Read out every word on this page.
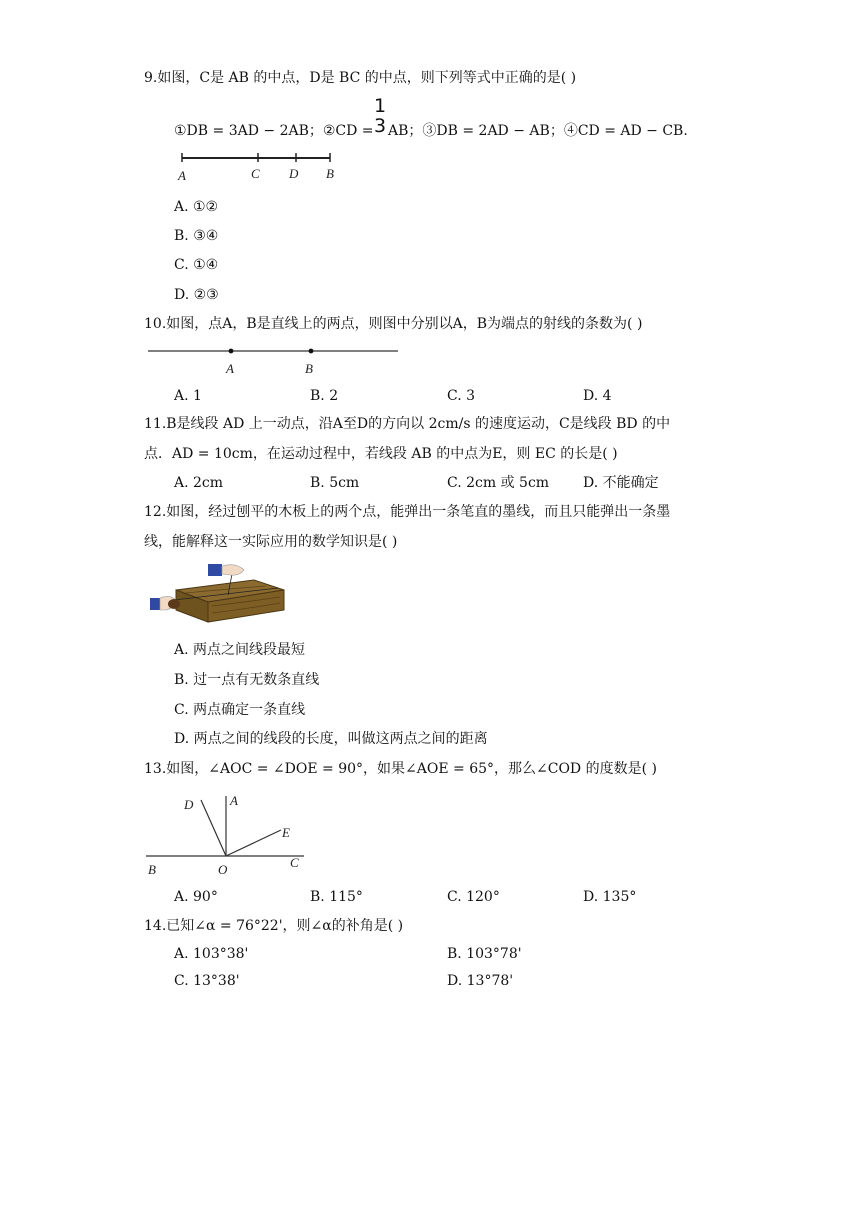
9.如图，C是 AB 的中点，D是 BC 的中点，则下列等式中正确的是( )
①DB = 3AD − 2AB；②CD =
1
3 AB；③DB = 2AD − AB；④CD = AD − CB.
A	C D B
A. ①②
B. ③④
C. ①④
D. ②③
10.如图，点A，B是直线上的两点，则图中分别以A，B为端点的射线的条数为( )
A	B
A. 1	B. 2	C. 3	D. 4
11.B是线段 AD 上一动点，沿A至D的方向以 2cm/s 的速度运动，C是线段 BD 的中
点．AD = 10cm，在运动过程中，若线段 AB 的中点为E，则 EC 的长是( )
A. 2cm	B. 5cm	C. 2cm 或 5cm D. 不能确定
12.如图，经过刨平的木板上的两个点，能弹出一条笔直的墨线，而且只能弹出一条墨
线，能解释这一实际应用的数学知识是( )
A. 两点之间线段最短
B. 过一点有无数条直线
C. 两点确定一条直线
D. 两点之间的线段的长度，叫做这两点之间的距离
13.如图，∠AOC = ∠DOE = 90°，如果∠AOE = 65°，那么∠COD 的度数是( )
D	A
E
B	O	C
A. 90°	B. 115°	C. 120°	D. 135°
14.已知∠α = 76°22'，则∠α的补角是( )
A. 103°38'	B. 103°78'
C. 13°38'	D. 13°78'
